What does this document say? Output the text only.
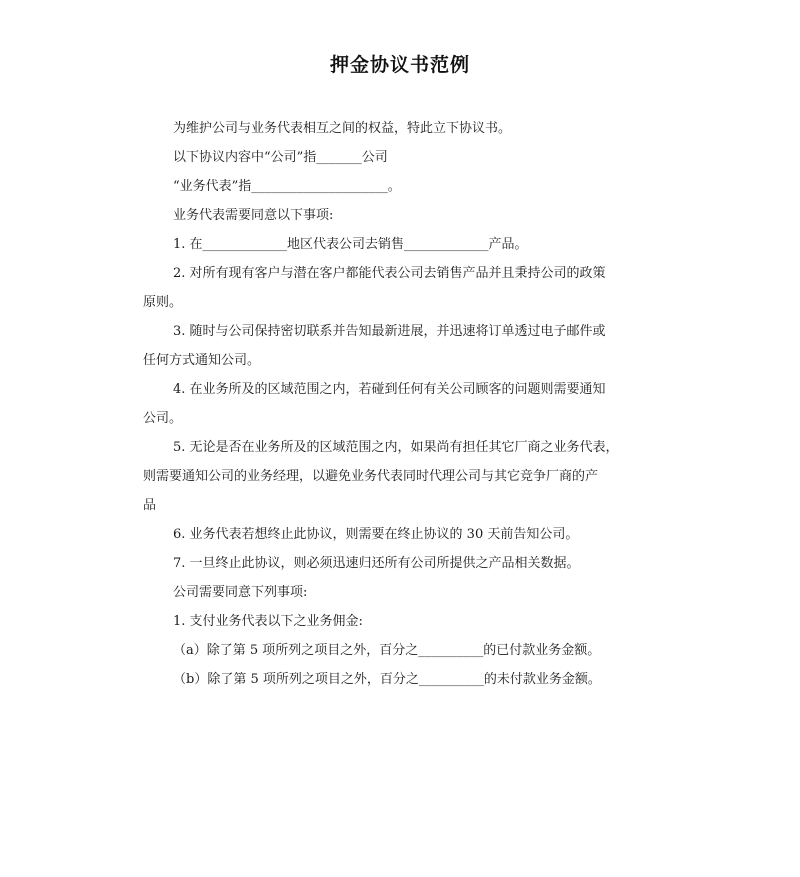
押金协议书范例

为维护公司与业务代表相互之间的权益，特此立下协议书。

以下协议内容中“公司”指_______公司

“业务代表”指_____________________。

业务代表需要同意以下事项:

1. 在_____________地区代表公司去销售_____________产品。

2. 对所有现有客户与潜在客户都能代表公司去销售产品并且秉持公司的政策

原则。

3. 随时与公司保持密切联系并告知最新进展，并迅速将订单透过电子邮件或

任何方式通知公司。

4. 在业务所及的区域范围之内，若碰到任何有关公司顾客的问题则需要通知

公司。

5. 无论是否在业务所及的区域范围之内，如果尚有担任其它厂商之业务代表，

则需要通知公司的业务经理，以避免业务代表同时代理公司与其它竞争厂商的产

品

6. 业务代表若想终止此协议，则需要在终止协议的 30 天前告知公司。

7. 一旦终止此协议，则必须迅速归还所有公司所提供之产品相关数据。

公司需要同意下列事项:

1. 支付业务代表以下之业务佣金:

（a）除了第 5 项所列之项目之外，百分之__________的已付款业务金额。

（b）除了第 5 项所列之项目之外，百分之__________的未付款业务金额。
